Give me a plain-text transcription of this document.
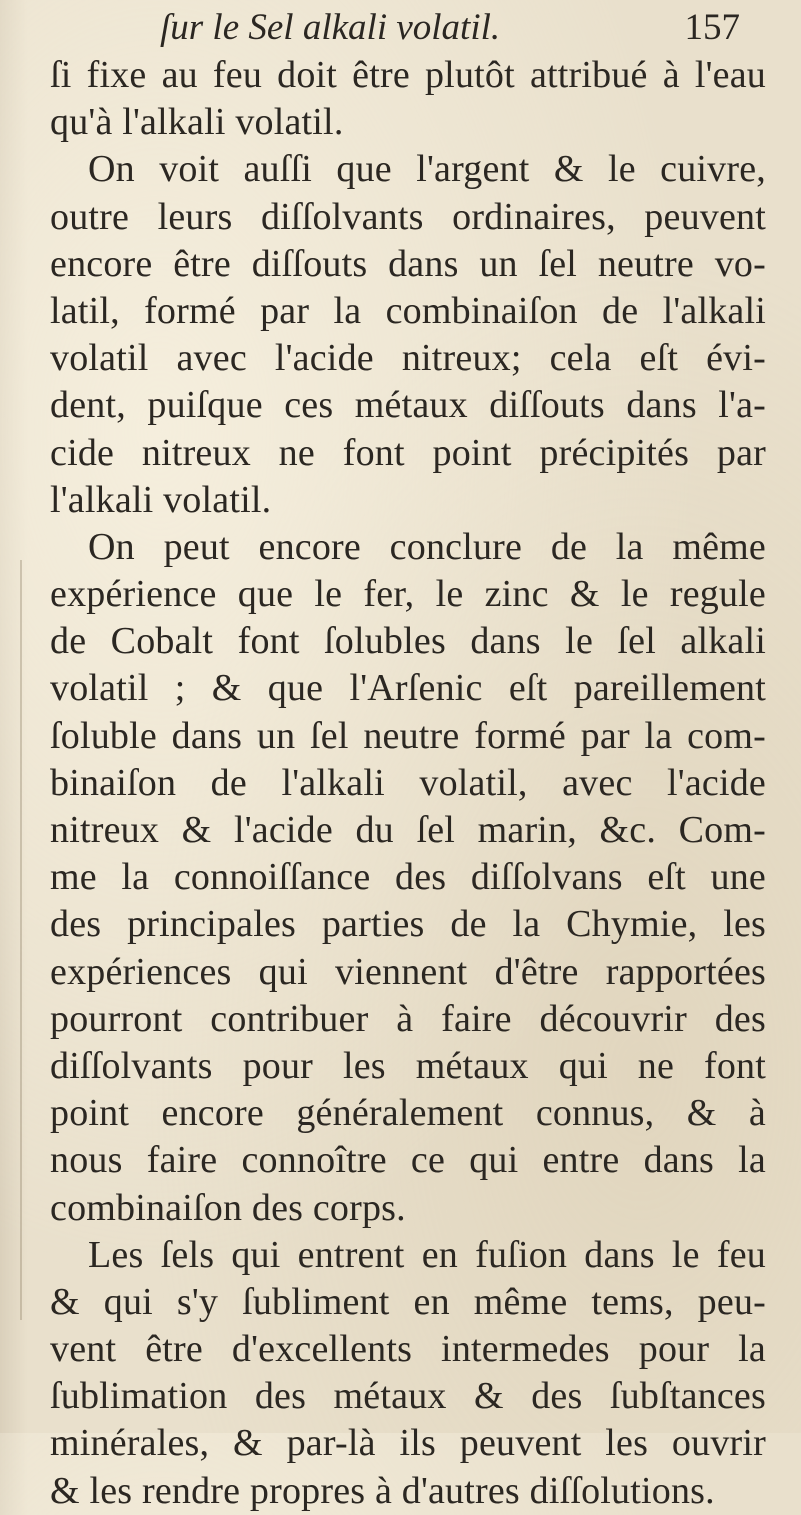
ſur le Sel alkali volatil.	157
ſi fixe au feu doit être plutôt attribué à l'eau
qu'à l'alkali volatil.
On voit auſſi que l'argent & le cuivre,
outre leurs diſſolvants ordinaires, peuvent
encore être diſſouts dans un ſel neutre vo-
latil, formé par la combinaiſon de l'alkali
volatil avec l'acide nitreux; cela eſt évi-
dent, puiſque ces métaux diſſouts dans l'a-
cide nitreux ne font point précipités par
l'alkali volatil.
On peut encore conclure de la même
expérience que le fer, le zinc & le regule
de Cobalt font ſolubles dans le ſel alkali
volatil ; & que l'Arſenic eſt pareillement
ſoluble dans un ſel neutre formé par la com-
binaiſon de l'alkali volatil, avec l'acide
nitreux & l'acide du ſel marin, &c. Com-
me la connoiſſance des diſſolvans eſt une
des principales parties de la Chymie, les
expériences qui viennent d'être rapportées
pourront contribuer à faire découvrir des
diſſolvants pour les métaux qui ne font
point encore généralement connus, & à
nous faire connoître ce qui entre dans la
combinaiſon des corps.
Les ſels qui entrent en fuſion dans le feu
& qui s'y ſubliment en même tems, peu-
vent être d'excellents intermedes pour la
ſublimation des métaux & des ſubſtances
minérales, & par-là ils peuvent les ouvrir
& les rendre propres à d'autres diſſolutions.
